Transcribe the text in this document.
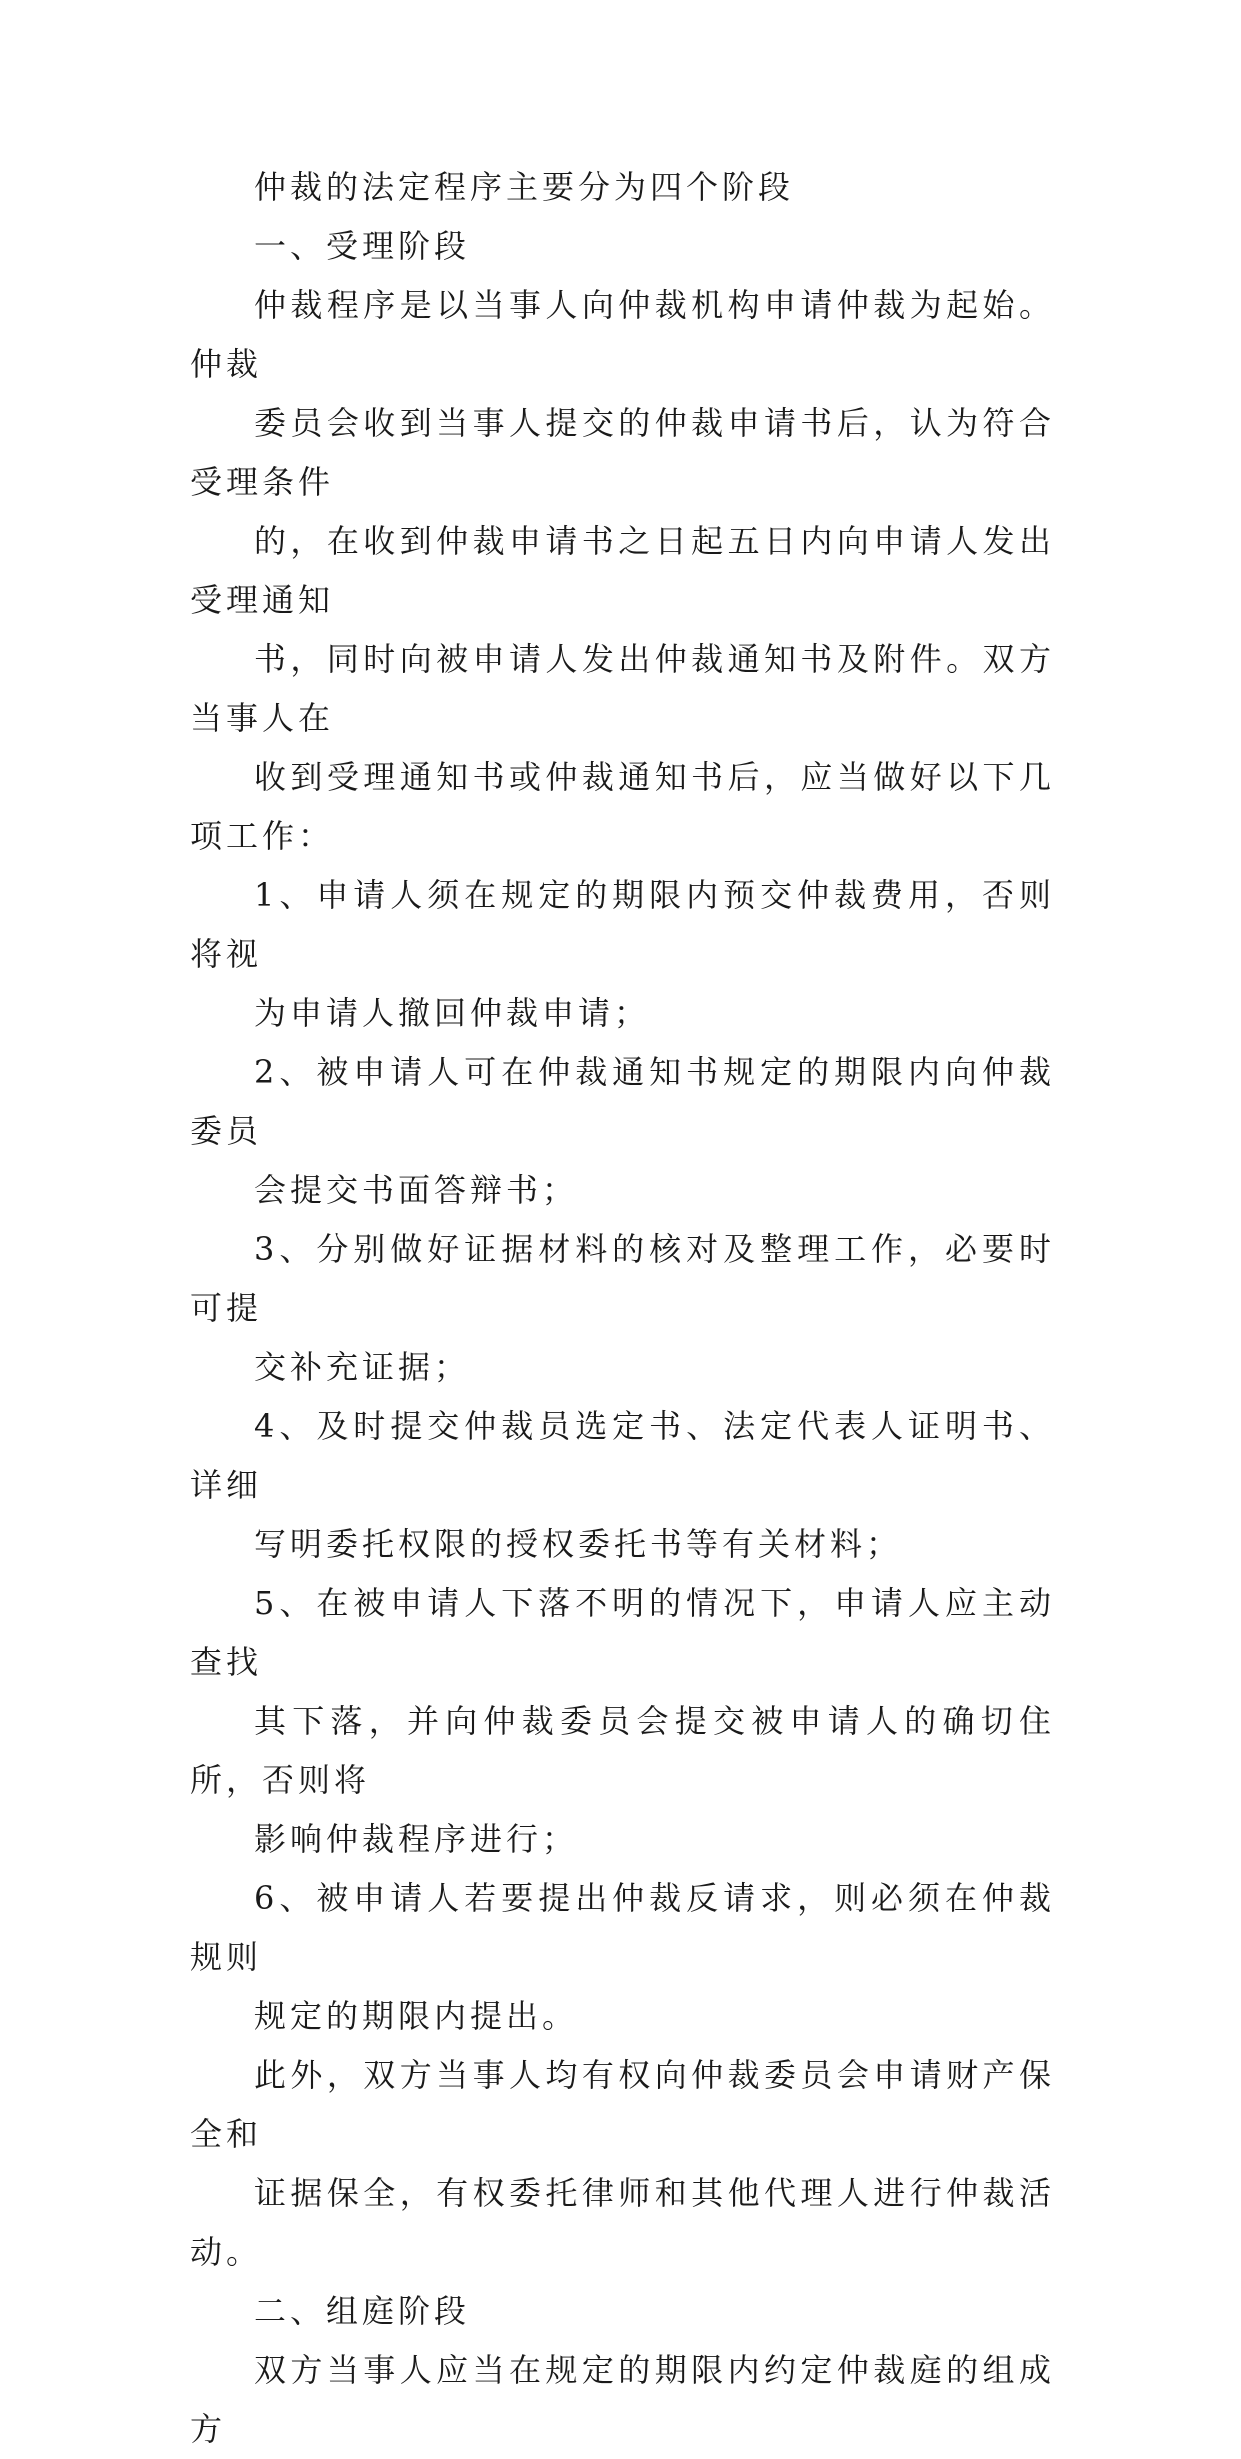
仲裁的法定程序主要分为四个阶段

一、受理阶段

仲裁程序是以当事人向仲裁机构申请仲裁为起始。仲裁
委员会收到当事人提交的仲裁申请书后，认为符合受理条件
的，在收到仲裁申请书之日起五日内向申请人发出受理通知
书，同时向被申请人发出仲裁通知书及附件。双方当事人在
收到受理通知书或仲裁通知书后，应当做好以下几项工作：

1、申请人须在规定的期限内预交仲裁费用，否则将视
为申请人撤回仲裁申请；

2、被申请人可在仲裁通知书规定的期限内向仲裁委员
会提交书面答辩书；

3、分别做好证据材料的核对及整理工作，必要时可提
交补充证据；

4、及时提交仲裁员选定书、法定代表人证明书、详细
写明委托权限的授权委托书等有关材料；

5、在被申请人下落不明的情况下，申请人应主动查找
其下落，并向仲裁委员会提交被申请人的确切住所，否则将
影响仲裁程序进行；

6、被申请人若要提出仲裁反请求，则必须在仲裁规则
规定的期限内提出。

此外，双方当事人均有权向仲裁委员会申请财产保全和
证据保全，有权委托律师和其他代理人进行仲裁活动。

二、组庭阶段

双方当事人应当在规定的期限内约定仲裁庭的组成方
